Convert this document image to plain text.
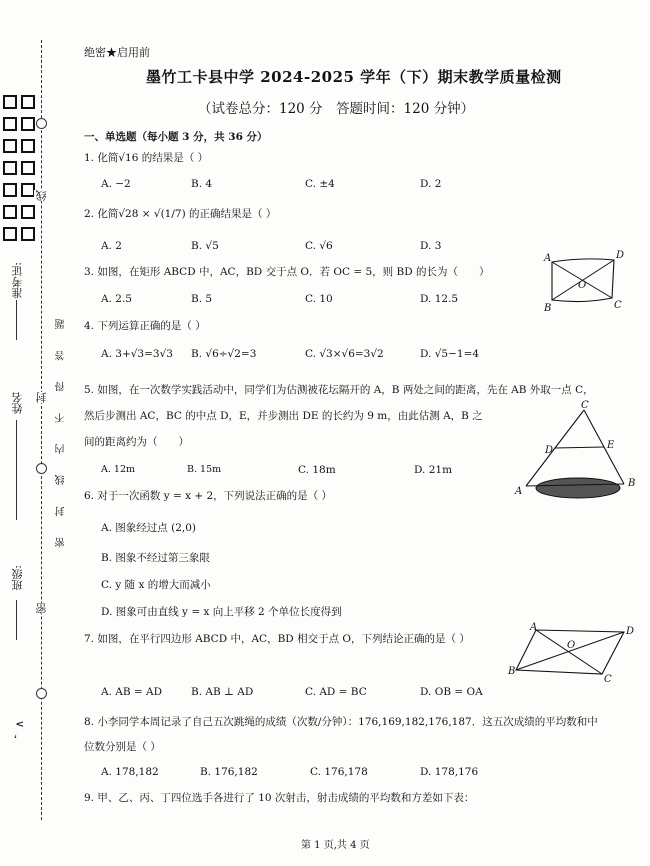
准考证:
姓名
班级:
，∧
线
封
密
密 封 线 内 不 得 答 题
绝密★启用前
墨竹工卡县中学 2024-2025 学年（下）期末教学质量检测
（试卷总分：120 分　答题时间：120 分钟）
一、单选题（每小题 3 分，共 36 分）
1. 化简√16 的结果是（ ）
A. −2	B. 4	C. ±4	D. 2
2. 化简√28 × √(1/7) 的正确结果是（ ）
A. 2	B. √5	C. √6	D. 3
3. 如图，在矩形 ABCD 中，AC，BD 交于点 O．若 OC = 5，则 BD 的长为（　　）
A. 2.5	B. 5	C. 10	D. 12.5
A	D
O
B	C
4. 下列运算正确的是（ ）
A. 3+√3=3√3 B. √6÷√2=3	C. √3×√6=3√2	D. √5−1=4
5. 如图，在一次数学实践活动中，同学们为估测被花坛隔开的 A，B 两处之间的距离，先在 AB 外取一点 C，
然后步测出 AC，BC 的中点 D，E，并步测出 DE 的长约为 9 m，由此估测 A，B 之
间的距离约为（　　）
A. 12m	B. 15m	C. 18m	D. 21m
C
D	E
A
B
6. 对于一次函数 y = x + 2，下列说法正确的是（ ）
A. 图象经过点 (2,0)
B. 图象不经过第三象限
C. y 随 x 的增大而减小
D. 图象可由直线 y = x 向上平移 2 个单位长度得到
7. 如图，在平行四边形 ABCD 中，AC，BD 相交于点 O，下列结论正确的是（ ）
A. AB = AD	B. AB ⊥ AD	C. AD = BC	D. OB = OA
A	D
O
B
C
8. 小李同学本周记录了自己五次跳绳的成绩（次数/分钟）：176,169,182,176,187．这五次成绩的平均数和中
位数分别是（ ）
A. 178,182	B. 176,182	C. 176,178	D. 178,176
9. 甲、乙、丙、丁四位选手各进行了 10 次射击，射击成绩的平均数和方差如下表：
第 1 页,共 4 页
